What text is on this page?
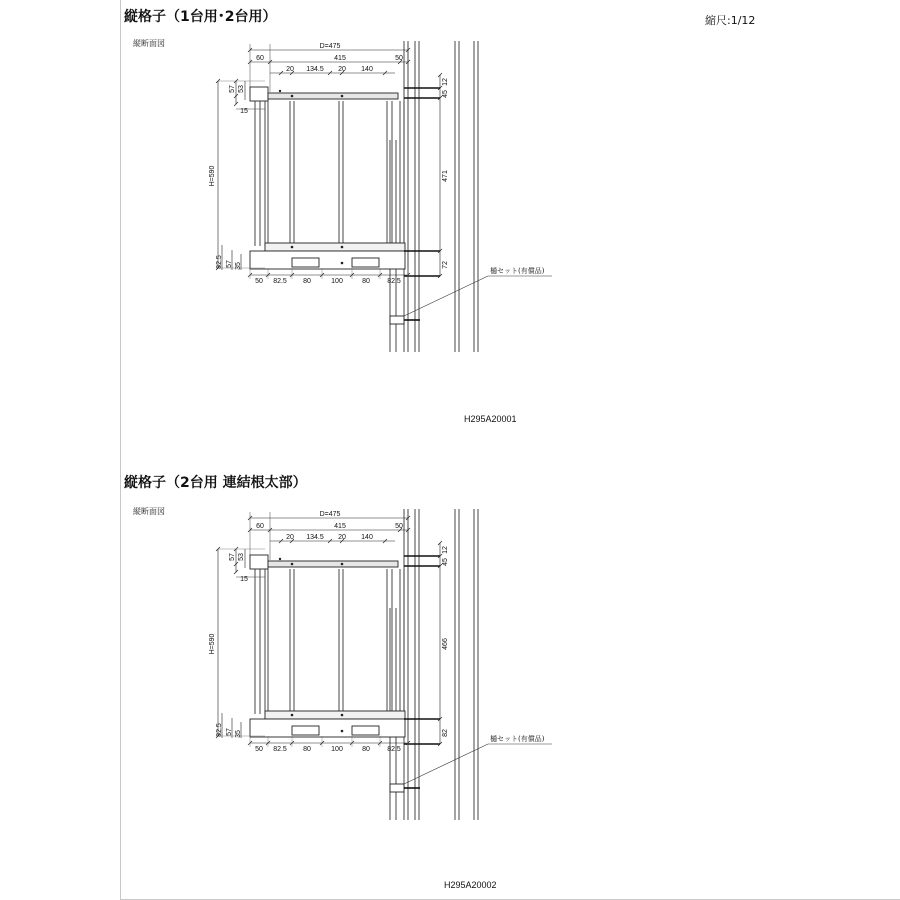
縮尺:1/12
縦格子（1台用･2台用）
縦断面図
H295A20001
D=475
60	415	50
20 134.5 20 140
H=590
57 53
15
82.5 57 35
50 82.5 80	100	80 82.5
12
45
471
72
樋セット(有償品)
縦格子（2台用 連結根太部）
縦断面図
H295A20002
D=475
60	415	50
20 134.5 20 140
H=590
57 53
15
82.5 57 35
50 82.5 80	100	80 82.5
12
45
466
82
樋セット(有償品)
